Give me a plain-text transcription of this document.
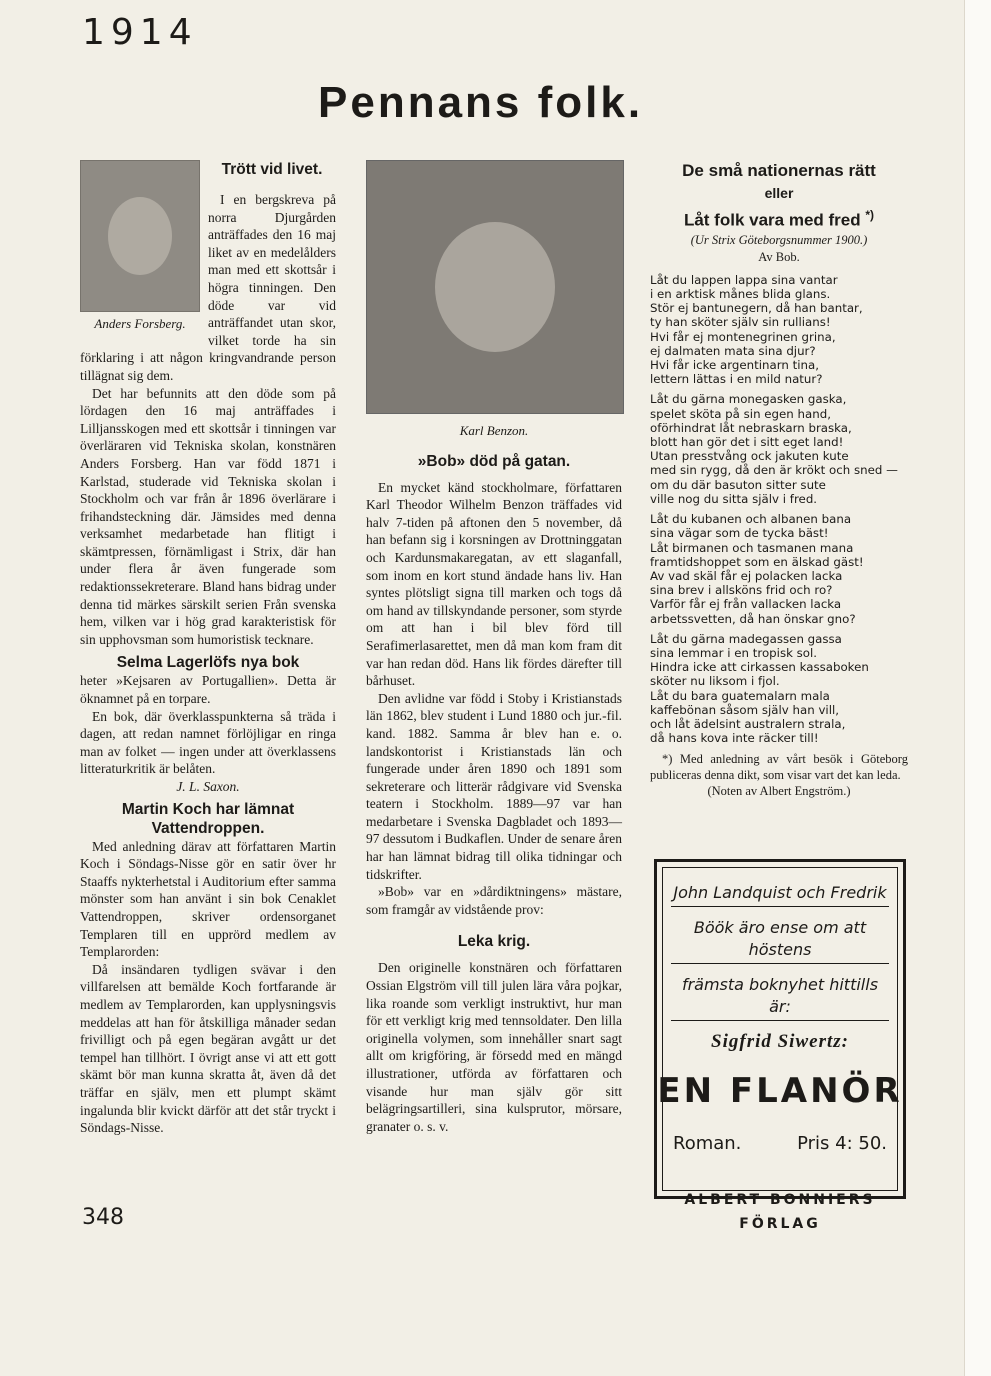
1914
Pennans folk.
Anders Forsberg.
Trött vid livet.

I en bergskreva på norra Djurgården anträffades den 16 maj liket av en medelålders man med ett skottsår i högra tinningen. Den döde var vid anträffandet utan skor, vilket torde ha sin förklaring i att någon kringvandrande person tillägnat sig dem.

Det har befunnits att den döde som på lördagen den 16 maj anträffades i Lilljansskogen med ett skottsår i tinningen var överläraren vid Tekniska skolan, konstnären Anders Forsberg. Han var född 1871 i Karlstad, studerade vid Tekniska skolan i Stockholm och var från år 1896 överlärare i frihandsteckning där. Jämsides med denna verksamhet medarbetade han flitigt i skämtpressen, förnämligast i Strix, där han under flera år även fungerade som redaktionssekreterare. Bland hans bidrag under denna tid märkes särskilt serien Från svenska hem, vilken var i hög grad karakteristisk för sin upphovsman som humoristisk tecknare.

Selma Lagerlöfs nya bok

heter »Kejsaren av Portugallien». Detta är öknamnet på en torpare.

En bok, där överklasspunkterna så träda i dagen, att redan namnet förlöjligar en ringa man av folket — ingen under att överklassens litteraturkritik är belåten.

J. L. Saxon.

Martin Koch har lämnat Vattendroppen.

Med anledning därav att författaren Martin Koch i Söndags-Nisse gör en satir över hr Staaffs nykterhetstal i Auditorium efter samma mönster som han använt i sin bok Cenaklet Vattendroppen, skriver ordensorganet Templaren till en upprörd medlem av Templarorden:

Då insändaren tydligen svävar i den villfarelsen att bemälde Koch fortfarande är medlem av Templarorden, kan upplysningsvis meddelas att han för åtskilliga månader sedan frivilligt och på egen begäran avgått ur det tempel han tillhört. I övrigt anse vi att ett gott skämt bör man kunna skratta åt, även då det träffar en själv, men ett plumpt skämt ingalunda blir kvickt därför att det står tryckt i Söndags-Nisse.

Karl Benzon.
»Bob» död på gatan.

En mycket känd stockholmare, författaren Karl Theodor Wilhelm Benzon träffades vid halv 7-tiden på aftonen den 5 november, då han befann sig i korsningen av Drottninggatan och Kardunsmakaregatan, av ett slaganfall, som inom en kort stund ändade hans liv. Han syntes plötsligt signa till marken och togs då om hand av tillskyndande personer, som styrde om att han i bil blev förd till Serafimerlasarettet, men då man kom fram dit var han redan död. Hans lik fördes därefter till bårhuset.

Den avlidne var född i Stoby i Kristianstads län 1862, blev student i Lund 1880 och jur.-fil. kand. 1882. Samma år blev han e. o. landskontorist i Kristianstads län och fungerade under åren 1890 och 1891 som sekreterare och litterär rådgivare vid Svenska teatern i Stockholm. 1889—97 var han medarbetare i Svenska Dagbladet och 1893—97 dessutom i Budkaflen. Under de senare åren har han lämnat bidrag till olika tidningar och tidskrifter.

»Bob» var en »dårdiktningens» mästare, som framgår av vidstående prov:

Leka krig.

Den originelle konstnären och författaren Ossian Elgström vill till julen lära våra pojkar, lika roande som verkligt instruktivt, hur man för ett verkligt krig med tennsoldater. Den lilla originella volymen, som innehåller snart sagt allt om krigföring, är försedd med en mängd illustrationer, utförda av författaren och visande hur man själv gör sitt belägringsartilleri, sina kulsprutor, mörsare, granater o. s. v.

De små nationernas rätt
eller
Låt folk vara med fred *)
(Ur Strix Göteborgsnummer 1900.)
Av Bob.

Låt du lappen lappa sina vantar
i en arktisk månes blida glans.
Stör ej bantunegern, då han bantar,
ty han sköter själv sin rullians!
Hvi får ej montenegrinen grina,
ej dalmaten mata sina djur?
Hvi får icke argentinarn tina,
lettern lättas i en mild natur?

Låt du gärna monegasken gaska,
spelet sköta på sin egen hand,
oförhindrat låt nebraskarn braska,
blott han gör det i sitt eget land!
Utan presstvång ock jakuten kute
med sin rygg, då den är krökt och sned —
om du där basuton sitter sute
ville nog du sitta själv i fred.

Låt du kubanen och albanen bana
sina vägar som de tycka bäst!
Låt birmanen och tasmanen mana
framtidshoppet som en älskad gäst!
Av vad skäl får ej polacken lacka
sina brev i allsköns frid och ro?
Varför får ej från vallacken lacka
arbetssvetten, då han önskar gno?

Låt du gärna madegassen gassa
sina lemmar i en tropisk sol.
Hindra icke att cirkassen kassaboken sköter nu liksom i fjol.
Låt du bara guatemalarn mala
kaffebönan såsom själv han vill,
och låt ädelsint australern strala,
då hans kova inte räcker till!

*) Med anledning av vårt besök i Göteborg publiceras denna dikt, som visar vart det kan leda.

(Noten av Albert Engström.)

John Landquist och Fredrik
Böök äro ense om att höstens
främsta boknyhet hittills är:
Sigfrid Siwertz:
EN FLANÖR
Roman.	Pris 4: 50.
ALBERT BONNIERS
FÖRLAG
348
